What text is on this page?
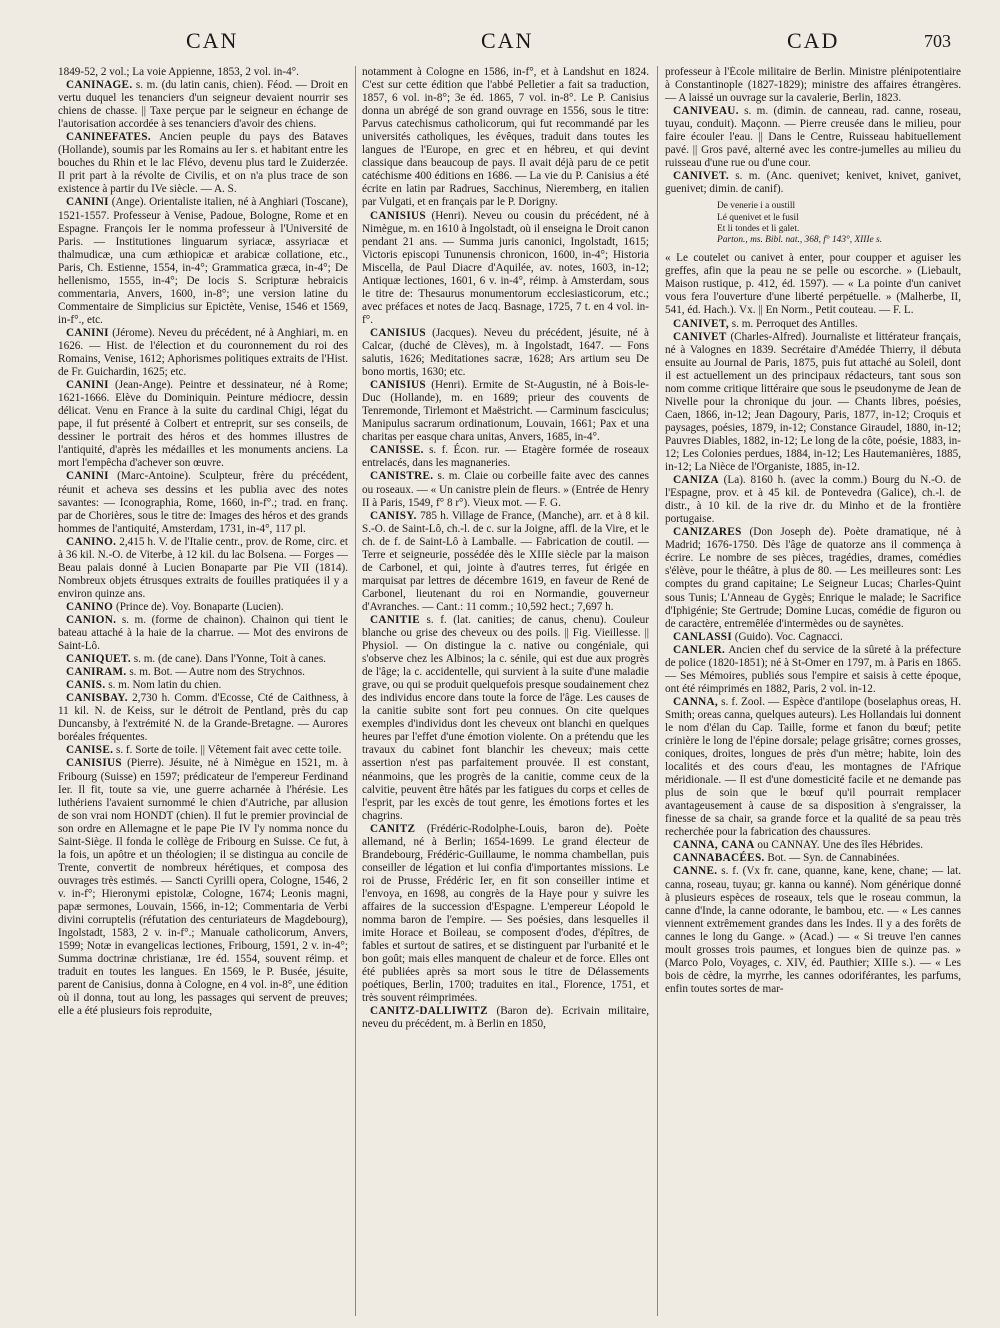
CAN	CAN	CAD	703

1849-52, 2 vol.; La voie Appienne, 1853, 2 vol. in-4°.

CANINAGE. s. m. (du latin canis, chien). Féod. — Droit en vertu duquel les tenanciers d'un seigneur devaient nourrir ses chiens de chasse. || Taxe perçue par le seigneur en échange de l'autorisation accordée à ses tenanciers d'avoir des chiens.

CANINEFATES. Ancien peuple du pays des Bataves (Hollande), soumis par les Romains au Ier s. et habitant entre les bouches du Rhin et le lac Flévo, devenu plus tard le Zuiderzée. Il prit part à la révolte de Civilis, et on n'a plus trace de son existence à partir du IVe siècle. — A. S.

CANINI (Ange). Orientaliste italien, né à Anghiari (Toscane), 1521-1557. Professeur à Venise, Padoue, Bologne, Rome et en Espagne. François Ier le nomma professeur à l'Université de Paris. — Institutiones linguarum syriacæ, assyriacæ et thalmudicæ, una cum æthiopicæ et arabicæ collatione, etc., Paris, Ch. Estienne, 1554, in-4°; Grammatica græca, in-4°; De hellenismo, 1555, in-4°; De locis S. Scripturæ hebraicis commentaria, Anvers, 1600, in-8°; une version latine du Commentaire de Simplicius sur Epictète, Venise, 1546 et 1569, in-f°., etc.

CANINI (Jérome). Neveu du précédent, né à Anghiari, m. en 1626. — Hist. de l'élection et du couronnement du roi des Romains, Venise, 1612; Aphorismes politiques extraits de l'Hist. de Fr. Guichardin, 1625; etc.

CANINI (Jean-Ange). Peintre et dessinateur, né à Rome; 1621-1666. Elève du Dominiquin. Peinture médiocre, dessin délicat. Venu en France à la suite du cardinal Chigi, légat du pape, il fut présenté à Colbert et entreprit, sur ses conseils, de dessiner le portrait des héros et des hommes illustres de l'antiquité, d'après les médailles et les monuments anciens. La mort l'empêcha d'achever son œuvre.

CANINI (Marc-Antoine). Sculpteur, frère du précédent, réunit et acheva ses dessins et les publia avec des notes savantes: — Iconographia, Rome, 1660, in-f°.; trad. en franç. par de Chorières, sous le titre de: Images des héros et des grands hommes de l'antiquité, Amsterdam, 1731, in-4°, 117 pl.

CANINO. 2,415 h. V. de l'Italie centr., prov. de Rome, circ. et à 36 kil. N.-O. de Viterbe, à 12 kil. du lac Bolsena. — Forges — Beau palais donné à Lucien Bonaparte par Pie VII (1814). Nombreux objets étrusques extraits de fouilles pratiquées il y a environ quinze ans.

CANINO (Prince de). Voy. Bonaparte (Lucien).

CANION. s. m. (forme de chainon). Chainon qui tient le bateau attaché à la haie de la charrue. — Mot des environs de Saint-Lô.

CANIQUET. s. m. (de cane). Dans l'Yonne, Toit à canes.

CANIRAM. s. m. Bot. — Autre nom des Strychnos.

CANIS. s. m. Nom latin du chien.

CANISBAY. 2,730 h. Comm. d'Ecosse, Cté de Caithness, à 11 kil. N. de Keiss, sur le détroit de Pentland, près du cap Duncansby, à l'extrémité N. de la Grande-Bretagne. — Aurores boréales fréquentes.

CANISE. s. f. Sorte de toile. || Vêtement fait avec cette toile.

CANISIUS (Pierre). Jésuite, né à Nimègue en 1521, m. à Fribourg (Suisse) en 1597; prédicateur de l'empereur Ferdinand Ier. Il fit, toute sa vie, une guerre acharnée à l'hérésie. Les luthériens l'avaient surnommé le chien d'Autriche, par allusion de son vrai nom HONDT (chien). Il fut le premier provincial de son ordre en Allemagne et le pape Pie IV l'y nomma nonce du Saint-Siège. Il fonda le collège de Fribourg en Suisse. Ce fut, à la fois, un apôtre et un théologien; il se distingua au concile de Trente, convertit de nombreux hérétiques, et composa des ouvrages très estimés. — Sancti Cyrilli opera, Cologne, 1546, 2 v. in-f°; Hieronymi epistolæ, Cologne, 1674; Leonis magni, papæ sermones, Louvain, 1566, in-12; Commentaria de Verbi divini corruptelis (réfutation des centuriateurs de Magdebourg), Ingolstadt, 1583, 2 v. in-f°.; Manuale catholicorum, Anvers, 1599; Notæ in evangelicas lectiones, Fribourg, 1591, 2 v. in-4°; Summa doctrinæ christianæ, 1re éd. 1554, souvent réimp. et traduit en toutes les langues. En 1569, le P. Busée, jésuite, parent de Canisius, donna à Cologne, en 4 vol. in-8°, une édition où il donna, tout au long, les passages qui servent de preuves; elle a été plusieurs fois reproduite,

notamment à Cologne en 1586, in-f°, et à Landshut en 1824. C'est sur cette édition que l'abbé Pelletier a fait sa traduction, 1857, 6 vol. in-8°; 3e éd. 1865, 7 vol. in-8°. Le P. Canisius donna un abrégé de son grand ouvrage en 1556, sous le titre: Parvus catechismus catholicorum, qui fut recommandé par les universités catholiques, les évêques, traduit dans toutes les langues de l'Europe, en grec et en hébreu, et qui devint classique dans beaucoup de pays. Il avait déjà paru de ce petit catéchisme 400 éditions en 1686. — La vie du P. Canisius a été écrite en latin par Radrues, Sacchinus, Nieremberg, en italien par Vulgati, et en français par le P. Dorigny.

CANISIUS (Henri). Neveu ou cousin du précédent, né à Nimègue, m. en 1610 à Ingolstadt, où il enseigna le Droit canon pendant 21 ans. — Summa juris canonici, Ingolstadt, 1615; Victoris episcopi Tununensis chronicon, 1600, in-4°; Historia Miscella, de Paul Diacre d'Aquilée, av. notes, 1603, in-12; Antiquæ lectiones, 1601, 6 v. in-4°, réimp. à Amsterdam, sous le titre de: Thesaurus monumentorum ecclesiasticorum, etc.; avec préfaces et notes de Jacq. Basnage, 1725, 7 t. en 4 vol. in-f°.

CANISIUS (Jacques). Neveu du précédent, jésuite, né à Calcar, (duché de Clèves), m. à Ingolstadt, 1647. — Fons salutis, 1626; Meditationes sacræ, 1628; Ars artium seu De bono mortis, 1630; etc.

CANISIUS (Henri). Ermite de St-Augustin, né à Bois-le-Duc (Hollande), m. en 1689; prieur des couvents de Tenremonde, Tirlemont et Maëstricht. — Carminum fasciculus; Manipulus sacrarum ordinationum, Louvain, 1661; Pax et una charitas per easque chara unitas, Anvers, 1685, in-4°.

CANISSE. s. f. Écon. rur. — Etagère formée de roseaux entrelacés, dans les magnaneries.

CANISTRE. s. m. Claie ou corbeille faite avec des cannes ou roseaux. — « Un canistre plein de fleurs. » (Entrée de Henry II à Paris, 1549, f° 8 r°). Vieux mot. — F. G.

CANISY. 785 h. Village de France, (Manche), arr. et à 8 kil. S.-O. de Saint-Lô, ch.-l. de c. sur la Joigne, affl. de la Vire, et le ch. de f. de Saint-Lô à Lamballe. — Fabrication de coutil. — Terre et seigneurie, possédée dès le XIIIe siècle par la maison de Carbonel, et qui, jointe à d'autres terres, fut érigée en marquisat par lettres de décembre 1619, en faveur de René de Carbonel, lieutenant du roi en Normandie, gouverneur d'Avranches. — Cant.: 11 comm.; 10,592 hect.; 7,697 h.

CANITIE s. f. (lat. canities; de canus, chenu). Couleur blanche ou grise des cheveux ou des poils. || Fig. Vieillesse. || Physiol. — On distingue la c. native ou congéniale, qui s'observe chez les Albinos; la c. sénile, qui est due aux progrès de l'âge; la c. accidentelle, qui survient à la suite d'une maladie grave, ou qui se produit quelquefois presque soudainement chez des individus encore dans toute la force de l'âge. Les causes de la canitie subite sont fort peu connues. On cite quelques exemples d'individus dont les cheveux ont blanchi en quelques heures par l'effet d'une émotion violente. On a prétendu que les travaux du cabinet font blanchir les cheveux; mais cette assertion n'est pas parfaitement prouvée. Il est constant, néanmoins, que les progrès de la canitie, comme ceux de la calvitie, peuvent être hâtés par les fatigues du corps et celles de l'esprit, par les excès de tout genre, les émotions fortes et les chagrins.

CANITZ (Frédéric-Rodolphe-Louis, baron de). Poète allemand, né à Berlin; 1654-1699. Le grand électeur de Brandebourg, Frédéric-Guillaume, le nomma chambellan, puis conseiller de légation et lui confia d'importantes missions. Le roi de Prusse, Frédéric Ier, en fit son conseiller intime et l'envoya, en 1698, au congrès de la Haye pour y suivre les affaires de la succession d'Espagne. L'empereur Léopold le nomma baron de l'empire. — Ses poésies, dans lesquelles il imite Horace et Boileau, se composent d'odes, d'épîtres, de fables et surtout de satires, et se distinguent par l'urbanité et le bon goût; mais elles manquent de chaleur et de force. Elles ont été publiées après sa mort sous le titre de Délassements poétiques, Berlin, 1700; traduites en ital., Florence, 1751, et très souvent réimprimées.

CANITZ-DALLIWITZ (Baron de). Ecrivain militaire, neveu du précédent, m. à Berlin en 1850,

professeur à l'École militaire de Berlin. Ministre plénipotentiaire à Constantinople (1827-1829); ministre des affaires étrangères. — A laissé un ouvrage sur la cavalerie, Berlin, 1823.

CANIVEAU. s. m. (dimin. de canneau, rad. canne, roseau, tuyau, conduit). Maçonn. — Pierre creusée dans le milieu, pour faire écouler l'eau. || Dans le Centre, Ruisseau habituellement pavé. || Gros pavé, alterné avec les contre-jumelles au milieu du ruisseau d'une rue ou d'une cour.

CANIVET. s. m. (Anc. quenivet; kenivet, knivet, ganivet, guenivet; dimin. de canif).

De venerie i a oustill
Lé quenivet et le fusil
Et li tondes et li galet.
Parton., ms. Bibl. nat., 368, f° 143°, XIIIe s.

« Le coutelet ou canivet à enter, pour coupper et aguiser les greffes, afin que la peau ne se pelle ou escorche. » (Liebault, Maison rustique, p. 412, éd. 1597). — « La pointe d'un canivet vous fera l'ouverture d'une liberté perpétuelle. » (Malherbe, II, 541, éd. Hach.). Vx. || En Norm., Petit couteau. — F. L.

CANIVET, s. m. Perroquet des Antilles.

CANIVET (Charles-Alfred). Journaliste et littérateur français, né à Valognes en 1839. Secrétaire d'Amédée Thierry, il débuta ensuite au Journal de Paris, 1875, puis fut attaché au Soleil, dont il est actuellement un des principaux rédacteurs, tant sous son nom comme critique littéraire que sous le pseudonyme de Jean de Nivelle pour la chronique du jour. — Chants libres, poésies, Caen, 1866, in-12; Jean Dagoury, Paris, 1877, in-12; Croquis et paysages, poésies, 1879, in-12; Constance Giraudel, 1880, in-12; Pauvres Diables, 1882, in-12; Le long de la côte, poésie, 1883, in-12; Les Colonies perdues, 1884, in-12; Les Hautemanières, 1885, in-12; La Nièce de l'Organiste, 1885, in-12.

CANIZA (La). 8160 h. (avec la comm.) Bourg du N.-O. de l'Espagne, prov. et à 45 kil. de Pontevedra (Galice), ch.-l. de distr., à 10 kil. de la rive dr. du Minho et de la frontière portugaise.

CANIZARES (Don Joseph de). Poète dramatique, né à Madrid; 1676-1750. Dès l'âge de quatorze ans il commença à écrire. Le nombre de ses pièces, tragédies, drames, comédies s'élève, pour le théâtre, à plus de 80. — Les meilleures sont: Les comptes du grand capitaine; Le Seigneur Lucas; Charles-Quint sous Tunis; L'Anneau de Gygès; Enrique le malade; le Sacrifice d'Iphigénie; Ste Gertrude; Domine Lucas, comédie de figuron ou de caractère, entremêlée d'intermèdes ou de saynètes.

CANLASSI (Guido). Voc. Cagnacci.

CANLER. Ancien chef du service de la sûreté à la préfecture de police (1820-1851); né à St-Omer en 1797, m. à Paris en 1865. — Ses Mémoires, publiés sous l'empire et saisis à cette époque, ont été réimprimés en 1882, Paris, 2 vol. in-12.

CANNA, s. f. Zool. — Espèce d'antilope (boselaphus oreas, H. Smith; oreas canna, quelques auteurs). Les Hollandais lui donnent le nom d'élan du Cap. Taille, forme et fanon du bœuf; petite crinière le long de l'épine dorsale; pelage grisâtre; cornes grosses, coniques, droites, longues de près d'un mètre; habite, loin des localités et des cours d'eau, les montagnes de l'Afrique méridionale. — Il est d'une domesticité facile et ne demande pas plus de soin que le bœuf qu'il pourrait remplacer avantageusement à cause de sa disposition à s'engraisser, la finesse de sa chair, sa grande force et la qualité de sa peau très recherchée pour la fabrication des chaussures.

CANNA, CANA ou CANNAY. Une des îles Hébrides.

CANNABACÉES. Bot. — Syn. de Cannabinées.

CANNE. s. f. (Vx fr. cane, quanne, kane, kene, chane; — lat. canna, roseau, tuyau; gr. kanna ou kanné). Nom générique donné à plusieurs espèces de roseaux, tels que le roseau commun, la canne d'Inde, la canne odorante, le bambou, etc. — « Les cannes viennent extrêmement grandes dans les Indes. Il y a des forêts de cannes le long du Gange. » (Acad.) — « Si treuve l'en cannes moult grosses trois paumes, et longues bien de quinze pas. » (Marco Polo, Voyages, c. XIV, éd. Pauthier; XIIIe s.). — « Les bois de cèdre, la myrrhe, les cannes odoriférantes, les parfums, enfin toutes sortes de mar-
